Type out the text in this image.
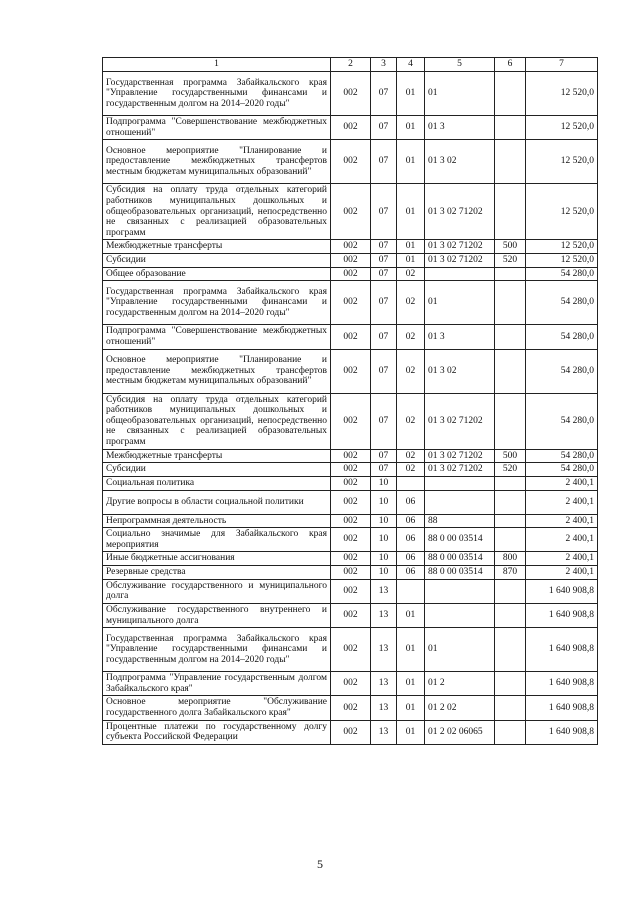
1	2	3	4	5	6	7
Государственная программа Забайкальского края "Управление государственными финансами и государственным долгом на 2014–2020 годы"	002	07	01	01		12 520,0
Подпрограмма "Совершенствование межбюджетных отношений"	002	07	01	01 3		12 520,0
Основное мероприятие "Планирование и предоставление межбюджетных трансфертов местным бюджетам муниципальных образований"	002	07	01	01 3 02		12 520,0
Субсидия на оплату труда отдельных категорий работников муниципальных дошкольных и общеобразовательных организаций, непосредственно не связанных с реализацией образовательных программ	002	07	01	01 3 02 71202		12 520,0
Межбюджетные трансферты	002	07	01	01 3 02 71202	500	12 520,0
Субсидии	002	07	01	01 3 02 71202	520	12 520,0
Общее образование	002	07	02			54 280,0
Государственная программа Забайкальского края "Управление государственными финансами и государственным долгом на 2014–2020 годы"	002	07	02	01		54 280,0
Подпрограмма "Совершенствование межбюджетных отношений"	002	07	02	01 3		54 280,0
Основное мероприятие "Планирование и предоставление межбюджетных трансфертов местным бюджетам муниципальных образований"	002	07	02	01 3 02		54 280,0
Субсидия на оплату труда отдельных категорий работников муниципальных дошкольных и общеобразовательных организаций, непосредственно не связанных с реализацией образовательных программ	002	07	02	01 3 02 71202		54 280,0
Межбюджетные трансферты	002	07	02	01 3 02 71202	500	54 280,0
Субсидии	002	07	02	01 3 02 71202	520	54 280,0
Социальная политика	002	10				2 400,1
Другие вопросы в области социальной политики	002	10	06			2 400,1
Непрограммная деятельность	002	10	06	88		2 400,1
Социально значимые для Забайкальского края мероприятия	002	10	06	88 0 00 03514		2 400,1
Иные бюджетные ассигнования	002	10	06	88 0 00 03514	800	2 400,1
Резервные средства	002	10	06	88 0 00 03514	870	2 400,1
Обслуживание государственного и муниципального долга	002	13				1 640 908,8
Обслуживание государственного внутреннего и муниципального долга	002	13	01			1 640 908,8
Государственная программа Забайкальского края "Управление государственными финансами и государственным долгом на 2014–2020 годы"	002	13	01	01		1 640 908,8
Подпрограмма "Управление государственным долгом Забайкальского края"	002	13	01	01 2		1 640 908,8
Основное мероприятие "Обслуживание государственного долга Забайкальского края"	002	13	01	01 2 02		1 640 908,8
Процентные платежи по государственному долгу субъекта Российской Федерации	002	13	01	01 2 02 06065		1 640 908,8
5
